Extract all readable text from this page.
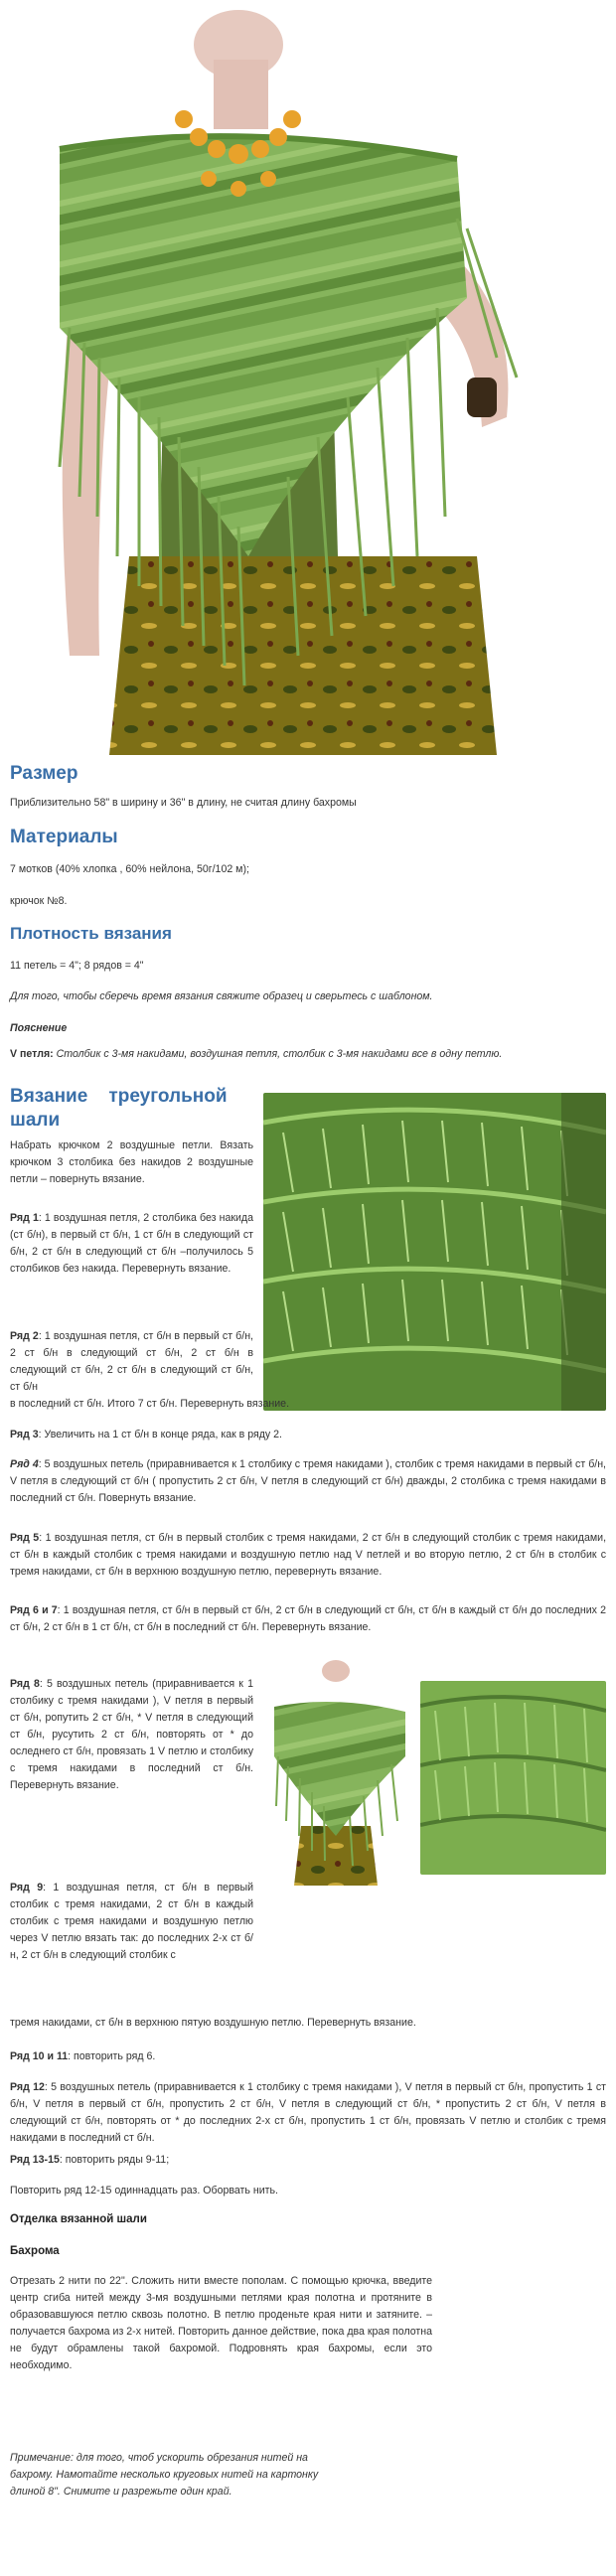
Размер

Приблизительно 58" в ширину и 36" в длину, не считая длину бахромы

Материалы

7 мотков (40% хлопка , 60% нейлона, 50г/102 м);

крючок №8.

Плотность вязания

11 петель = 4"; 8 рядов = 4"

Для того, чтобы сберечь время вязания свяжите образец и сверьтесь с шаблоном.

Пояснение

V петля: Столбик с 3-мя накидами, воздушная петля, столбик с 3-мя накидами все в одну петлю.

Вязание    треугольной
шали

Набрать крючком 2 воздушные петли. Вязать крючком 3 столбика без накидов 2 воздушные петли – повернуть вязание.

Ряд 1: 1 воздушная петля, 2 столбика без накида (ст б/н), в первый ст б/н, 1 ст б/н в следующий ст б/н, 2 ст б/н в следующий ст б/н –получилось 5 столбиков без накида. Перевернуть вязание.

Ряд 2: 1 воздушная петля, ст б/н в первый ст б/н, 2 ст б/н в следующий ст б/н, 2 ст б/н в следующий ст б/н, 2 ст б/н в следующий ст б/н, ст б/н

в последний ст б/н. Итого 7 ст б/н. Перевернуть вязание.

Ряд 3: Увеличить на 1 ст б/н в конце ряда, как в ряду 2.

Ряд 4: 5 воздушных петель (приравнивается к 1 столбику с тремя накидами ), столбик с тремя накидами в первый ст б/н, V петля в следующий ст б/н ( пропустить 2 ст б/н, V петля в следующий ст б/н) дважды, 2 столбика с тремя накидами в последний ст б/н. Повернуть вязание.

Ряд 5: 1 воздушная петля, ст б/н в первый столбик с тремя накидами, 2 ст б/н в следующий столбик с тремя накидами, ст б/н в каждый столбик с тремя накидами и воздушную петлю над V петлей и во вторую петлю, 2 ст б/н в столбик с тремя накидами, ст б/н в верхнюю воздушную петлю, перевернуть вязание.

Ряд 6 и 7: 1 воздушная петля, ст б/н в первый ст б/н, 2 ст б/н в следующий ст б/н, ст б/н в каждый ст б/н до последних 2 ст б/н, 2 ст б/н в 1 ст б/н, ст б/н в последний ст б/н. Перевернуть вязание.

Ряд 8: 5 воздушных петель (приравнивается к 1 столбику с тремя накидами ), V петля в первый ст б/н, ропутить 2 ст б/н, * V петля в следующий ст б/н, русутить 2 ст б/н, повторять от * до оследнего ст б/н, провязать 1 V петлю и столбику с тремя накидами в последний ст б/н. Перевернуть вязание.

Ряд 9: 1 воздушная петля, ст б/н в первый столбик с тремя накидами, 2 ст б/н в каждый столбик с тремя накидами и воздушную петлю через V петлю вязать так: до последних 2-х ст б/н, 2 ст б/н в следующий столбик с

тремя накидами, ст б/н в верхнюю пятую воздушную петлю. Перевернуть вязание.

Ряд 10 и 11: повторить ряд 6.

Ряд 12: 5 воздушных петель (приравнивается к 1 столбику с тремя накидами ), V петля в первый ст б/н, пропустить 1 ст б/н, V петля в первый ст б/н, пропустить 2 ст б/н, V петля в следующий ст б/н, * пропустить 2 ст б/н, V петля в следующий ст б/н, повторять от * до последних 2-х ст б/н, пропустить 1 ст б/н, провязать V петлю и столбик с тремя накидами в последний ст б/н.

Ряд 13-15: повторить ряды 9-11;

Повторить ряд 12-15 одиннадцать раз. Оборвать нить.

Отделка вязанной шали
Бахрома

Отрезать 2 нити по 22". Сложить нити вместе пополам. С помощью крючка, введите центр сгиба нитей между 3-мя воздушными петлями края полотна и протяните в образовавшуюся петлю сквозь полотно. В петлю проденьте края нити и затяните. – получается бахрома из 2-х нитей. Повторить данное действие, пока два края полотна не будут обрамлены такой бахромой. Подровнять края бахромы, если это необходимо.

Примечание: для того, чтоб ускорить обрезания нитей на
бахрому. Намотайте несколько круговых нитей на картонку
длиной 8". Снимите и разрежьте один край.
